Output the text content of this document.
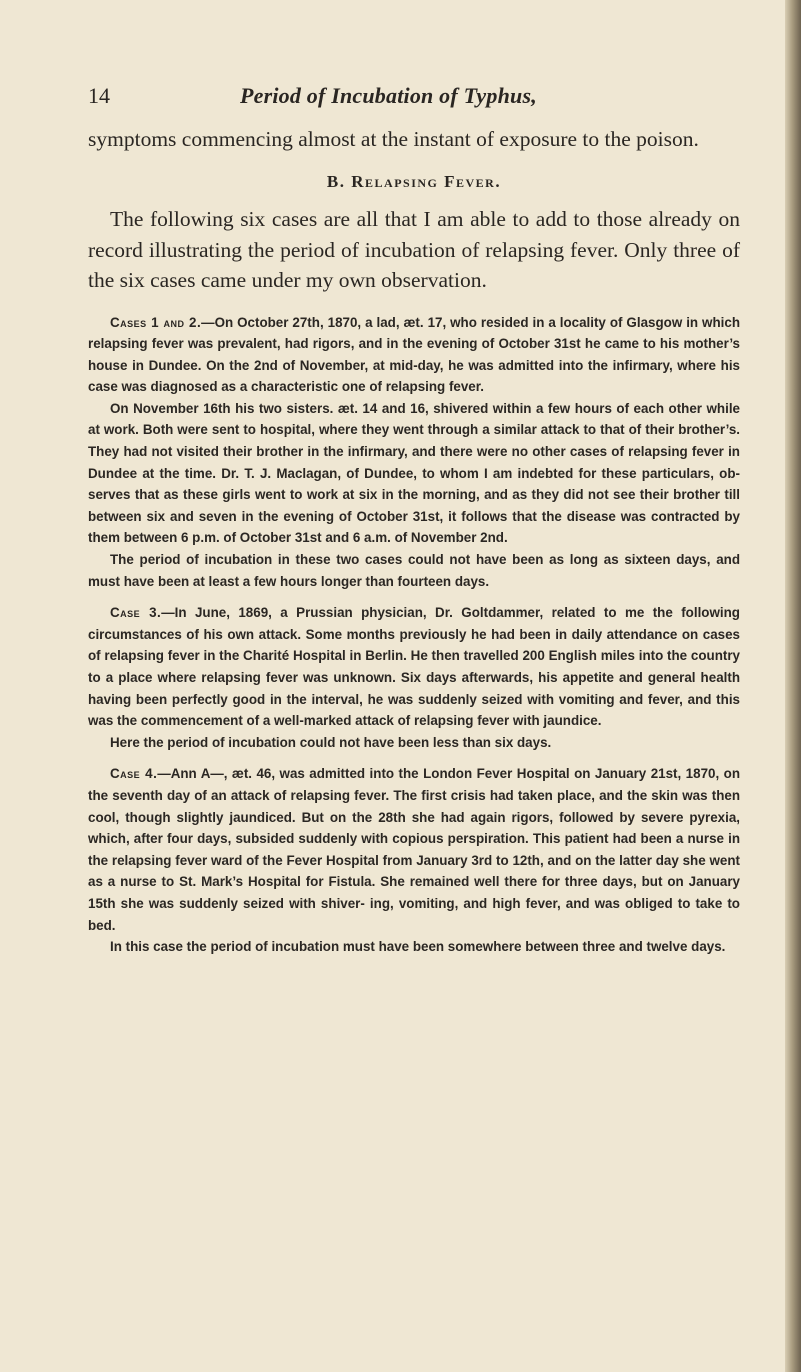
14	Period of Incubation of Typhus,

symptoms commencing almost at the instant of exposure to the poison.

B. Relapsing Fever.

The following six cases are all that I am able to add to those already on record illustrating the period of incubation of relapsing fever. Only three of the six cases came under my own observation.

Cases 1 and 2.—On October 27th, 1870, a lad, æt. 17, who resided in a locality of Glasgow in which relapsing fever was prevalent, had rigors, and in the evening of October 31st he came to his mother’s house in Dundee. On the 2nd of November, at mid-day, he was admitted into the infirmary, where his case was diagnosed as a characteristic one of relapsing fever.

On November 16th his two sisters. æt. 14 and 16, shivered within a few hours of each other while at work. Both were sent to hospital, where they went through a similar attack to that of their brother’s. They had not visited their brother in the infirmary, and there were no other cases of relapsing fever in Dundee at the time. Dr. T. J. Maclagan, of Dundee, to whom I am indebted for these particulars, ob- serves that as these girls went to work at six in the morning, and as they did not see their brother till between six and seven in the evening of October 31st, it follows that the disease was contracted by them between 6 p.m. of October 31st and 6 a.m. of November 2nd.

The period of incubation in these two cases could not have been as long as sixteen days, and must have been at least a few hours longer than fourteen days.

Case 3.—In June, 1869, a Prussian physician, Dr. Goltdammer, related to me the following circumstances of his own attack. Some months previously he had been in daily attendance on cases of relapsing fever in the Charité Hospital in Berlin. He then travelled 200 English miles into the country to a place where relapsing fever was unknown. Six days afterwards, his appetite and general health having been perfectly good in the interval, he was suddenly seized with vomiting and fever, and this was the commencement of a well-marked attack of relapsing fever with jaundice.

Here the period of incubation could not have been less than six days.

Case 4.—Ann A—, æt. 46, was admitted into the London Fever Hospital on January 21st, 1870, on the seventh day of an attack of relapsing fever. The first crisis had taken place, and the skin was then cool, though slightly jaundiced. But on the 28th she had again rigors, followed by severe pyrexia, which, after four days, subsided suddenly with copious perspiration. This patient had been a nurse in the relapsing fever ward of the Fever Hospital from January 3rd to 12th, and on the latter day she went as a nurse to St. Mark’s Hospital for Fistula. She remained well there for three days, but on January 15th she was suddenly seized with shiver- ing, vomiting, and high fever, and was obliged to take to bed.

In this case the period of incubation must have been somewhere between three and twelve days.
